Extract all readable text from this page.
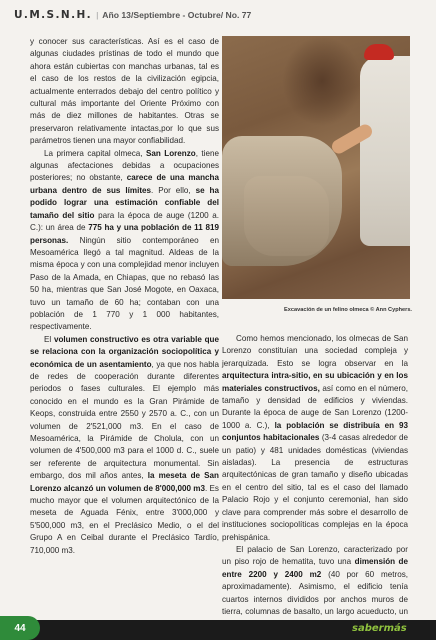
U.M.S.N.H. | Año 13/Septiembre - Octubre/ No. 77

y conocer sus características. Así es el caso de algunas ciudades prístinas de todo el mundo que ahora están cubiertas con manchas urbanas, tal es el caso de los restos de la civilización egipcia, actualmente enterrados debajo del centro político y cultural más importante del Oriente Próximo con más de diez millones de habitantes. Otras se preservaron relativamente intactas,por lo que sus parámetros tienen una mayor confiabilidad.

La primera capital olmeca, San Lorenzo, tiene algunas afectaciones debidas a ocupaciones posteriores; no obstante, carece de una mancha urbana dentro de sus límites. Por ello, se ha podido lograr una estimación confiable del tamaño del sitio para la época de auge (1200 a. C.): un área de 775 ha y una población de 11 819 personas. Ningún sitio contemporáneo en Mesoamérica llegó a tal magnitud. Aldeas de la misma época y con una complejidad menor incluyen Paso de la Amada, en Chiapas, que no rebasó las 50 ha, mientras que San José Mogote, en Oaxaca, tuvo un tamaño de 60 ha; contaban con una población de 1 770 y 1 000 habitantes, respectivamente.

El volumen constructivo es otra variable que se relaciona con la organización sociopolítica y económica de un asentamiento, ya que nos habla de redes de cooperación durante diferentes periodos o fases culturales. El ejemplo más conocido en el mundo es la Gran Pirámide de Keops, construida entre 2550 y 2570 a. C., con un volumen de 2'521,000 m3. En el caso de Mesoamérica, la Pirámide de Cholula, con un volumen de 4'500,000 m3 para el 1000 d. C., suele ser referente de arquitectura monumental. Sin embargo, dos mil años antes, la meseta de San Lorenzo alcanzó un volumen de 8'000,000 m3. Es mucho mayor que el volumen arquitectónico de la meseta de Aguada Fénix, entre 3'000,000 y 5'500,000 m3, en el Preclásico Medio, o el del Grupo A en Ceibal durante el Preclásico Tardío, 710,000 m3.

Excavación de un felino olmeca © Ann Cyphers.

Como hemos mencionado, los olmecas de San Lorenzo constituían una sociedad compleja y jerarquizada. Esto se logra observar en la arquitectura intra-sitio, en su ubicación y en los materiales constructivos, así como en el número, tamaño y densidad de edificios y viviendas. Durante la época de auge de San Lorenzo (1200-1000 a. C.), la población se distribuía en 93 conjuntos habitacionales (3-4 casas alrededor de un patio) y 481 unidades domésticas (viviendas aisladas). La presencia de estructuras arquitectónicas de gran tamaño y diseño ubicadas en el centro del sitio, tal es el caso del llamado Palacio Rojo y el conjunto ceremonial, han sido clave para comprender más sobre el desarrollo de instituciones sociopolíticas complejas en la época prehispánica.

El palacio de San Lorenzo, caracterizado por un piso rojo de hematita, tuvo una dimensión de entre 2200 y 2400 m2 (40 por 60 metros, aproximadamente). Asimismo, el edificio tenía cuartos internos divididos por anchos muros de tierra, columnas de basalto, un largo acueducto, un

44	sabermás
